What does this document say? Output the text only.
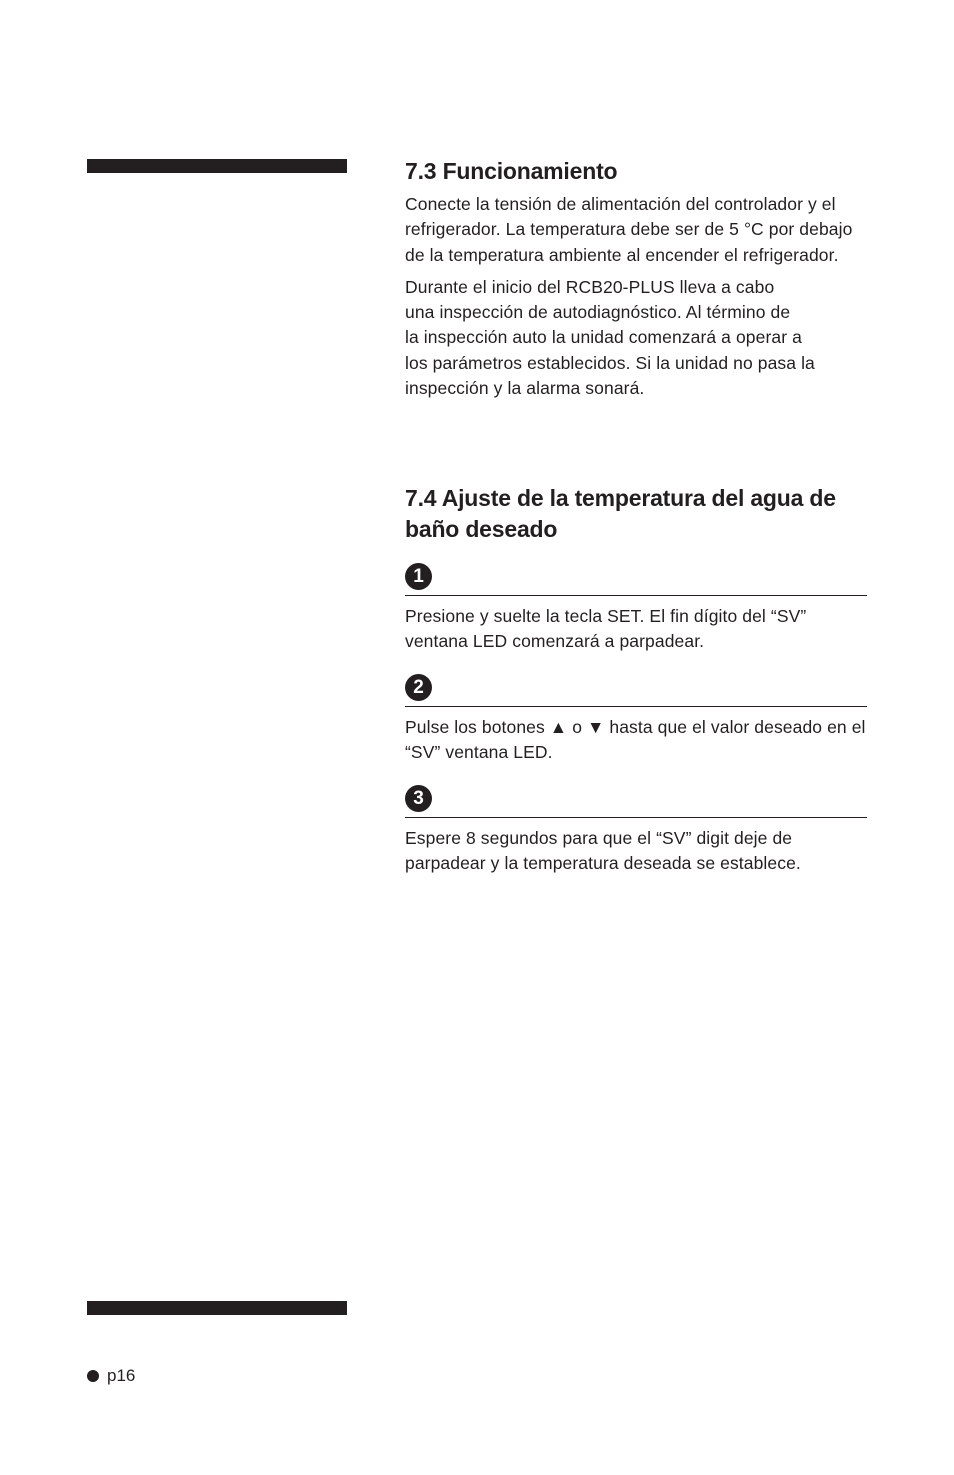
7.3 Funcionamiento

Conecte la tensión de alimentación del controlador y el refrigerador. La temperatura debe ser de 5 °C por debajo de la temperatura ambiente al encender el refrigerador.

Durante el inicio del RCB20-PLUS lleva a cabo
una inspección de autodiagnóstico. Al término de
la inspección auto la unidad comenzará a operar a
los parámetros establecidos. Si la unidad no pasa la
inspección y la alarma sonará.

7.4 Ajuste de la temperatura del agua de
baño deseado
1

Presione y suelte la tecla SET. El fin dígito del “SV” ventana LED comenzará a parpadear.

2

Pulse los botones ▲ o ▼ hasta que el valor deseado en el “SV” ventana LED.

3

Espere 8 segundos para que el “SV” digit deje de parpadear y la temperatura deseada se establece.

p16
